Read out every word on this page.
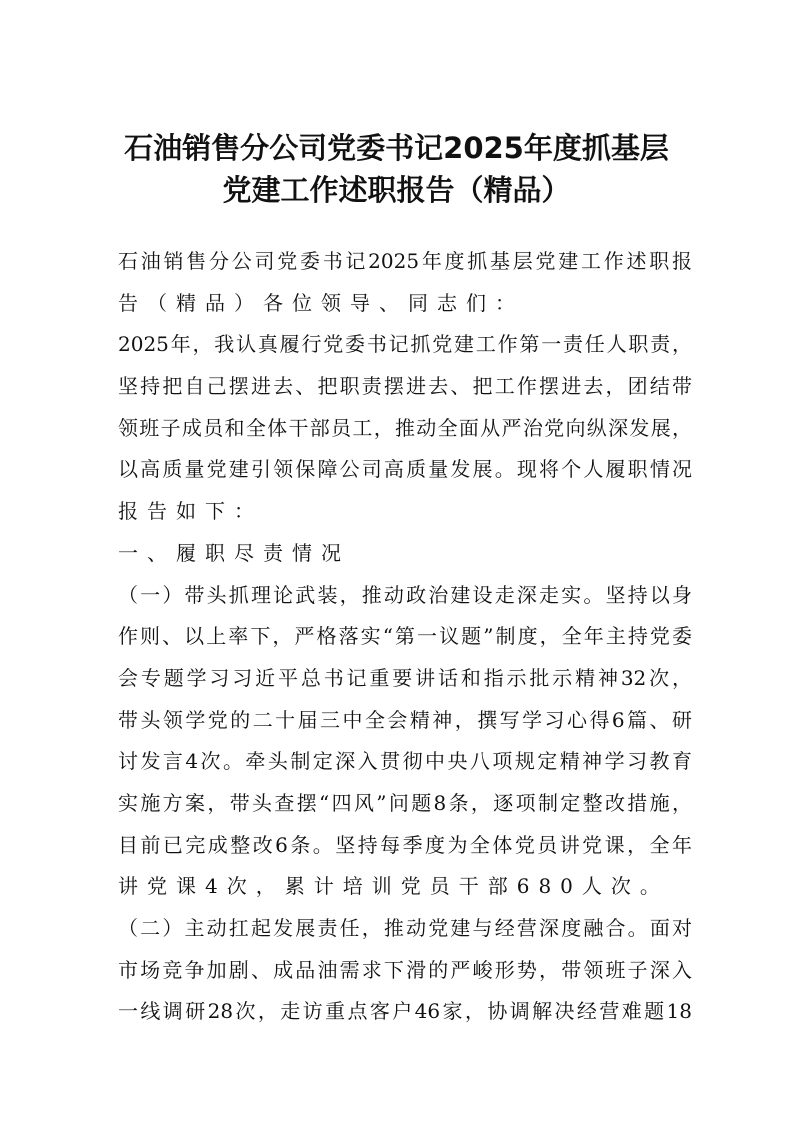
石油销售分公司党委书记2025年度抓基层
党建工作述职报告（精品）
石油销售分公司党委书记2025年度抓基层党建工作述职报
告（精品）各位领导、同志们：
2025年，我认真履行党委书记抓党建工作第一责任人职责，
坚持把自己摆进去、把职责摆进去、把工作摆进去，团结带
领班子成员和全体干部员工，推动全面从严治党向纵深发展，
以高质量党建引领保障公司高质量发展。现将个人履职情况
报告如下：
一、履职尽责情况
（一）带头抓理论武装，推动政治建设走深走实。坚持以身
作则、以上率下，严格落实“第一议题”制度，全年主持党委
会专题学习习近平总书记重要讲话和指示批示精神32次，
带头领学党的二十届三中全会精神，撰写学习心得6篇、研
讨发言4次。牵头制定深入贯彻中央八项规定精神学习教育
实施方案，带头查摆“四风”问题8条，逐项制定整改措施，
目前已完成整改6条。坚持每季度为全体党员讲党课，全年
讲党课4次，累计培训党员干部680人次。
（二）主动扛起发展责任，推动党建与经营深度融合。面对
市场竞争加剧、成品油需求下滑的严峻形势，带领班子深入
一线调研28次，走访重点客户46家，协调解决经营难题18
